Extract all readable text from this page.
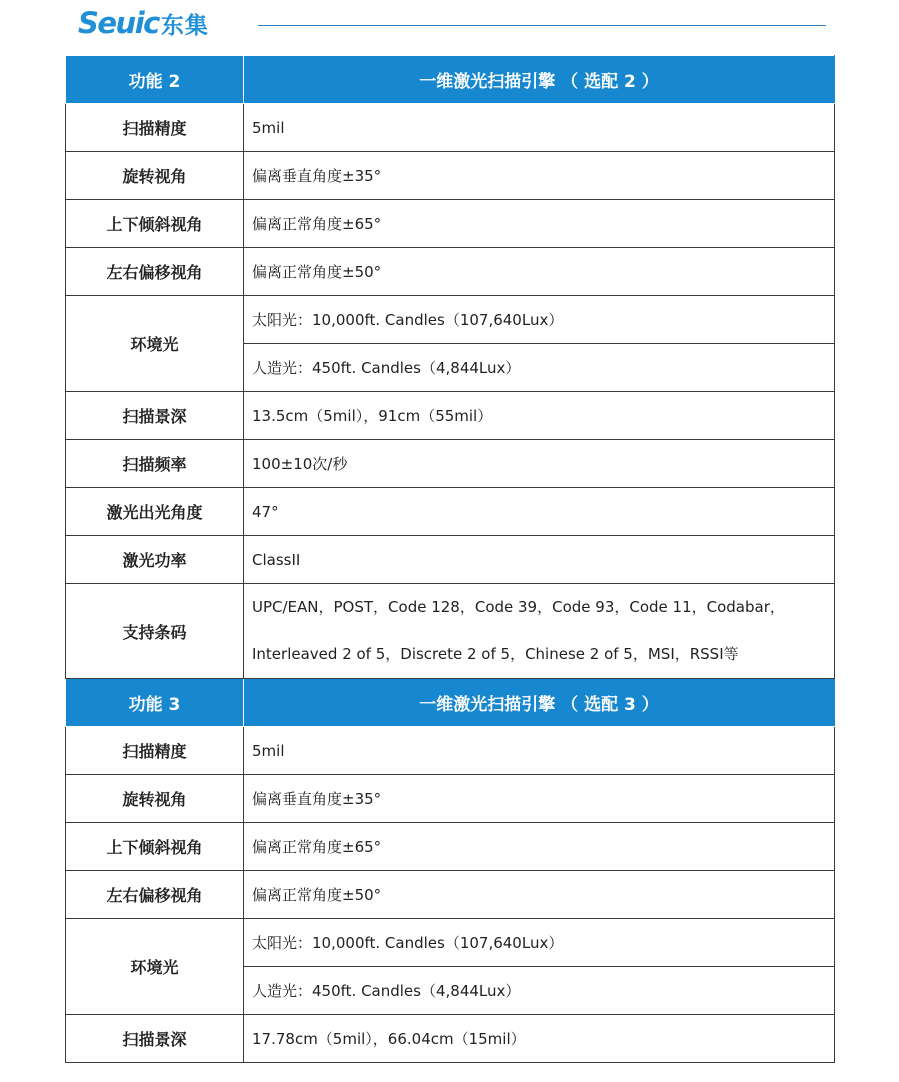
Seuic 东集
功能 2	一维激光扫描引擎 （ 选配 2 ）
扫描精度	5mil
旋转视角	偏离垂直角度±35°
上下倾斜视角	偏离正常角度±65°
左右偏移视角	偏离正常角度±50°
环境光	太阳光：10,000ft. Candles（107,640Lux）
	人造光：450ft. Candles（4,844Lux）
扫描景深	13.5cm（5mil），91cm（55mil）
扫描频率	100±10次/秒
激光出光角度	47°
激光功率	ClassII
支持条码	UPC/EAN，POST，Code 128，Code 39，Code 93，Code 11，Codabar，
Interleaved 2 of 5，Discrete 2 of 5，Chinese 2 of 5，MSI，RSSI等

功能 3	一维激光扫描引擎 （ 选配 3 ）
扫描精度	5mil
旋转视角	偏离垂直角度±35°
上下倾斜视角	偏离正常角度±65°
左右偏移视角	偏离正常角度±50°
环境光	太阳光：10,000ft. Candles（107,640Lux）
	人造光：450ft. Candles（4,844Lux）
扫描景深	17.78cm（5mil），66.04cm（15mil）
